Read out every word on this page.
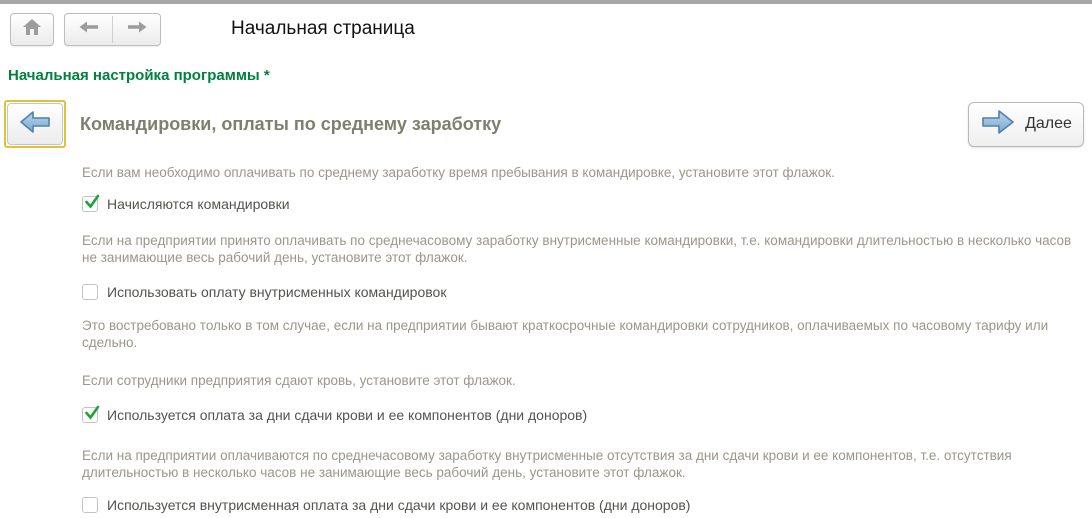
Начальная страница
Начальная настройка программы *
Командировки, оплаты по среднему заработку	Далее
Если вам необходимо оплачивать по среднему заработку время пребывания в командировке, установите этот флажок.
Начисляются командировки
Если на предприятии принято оплачивать по среднечасовому заработку внутрисменные командировки, т.е. командировки длительностью в несколько часов не занимающие весь рабочий день, установите этот флажок.
Использовать оплату внутрисменных командировок
Это востребовано только в том случае, если на предприятии бывают краткосрочные командировки сотрудников, оплачиваемых по часовому тарифу или сдельно.
Если сотрудники предприятия сдают кровь, установите этот флажок.
Используется оплата за дни сдачи крови и ее компонентов (дни доноров)
Если на предприятии оплачиваются по среднечасовому заработку внутрисменные отсутствия за дни сдачи крови и ее компонентов, т.е. отсутствия длительностью в несколько часов не занимающие весь рабочий день, установите этот флажок.
Используется внутрисменная оплата за дни сдачи крови и ее компонентов (дни доноров)
